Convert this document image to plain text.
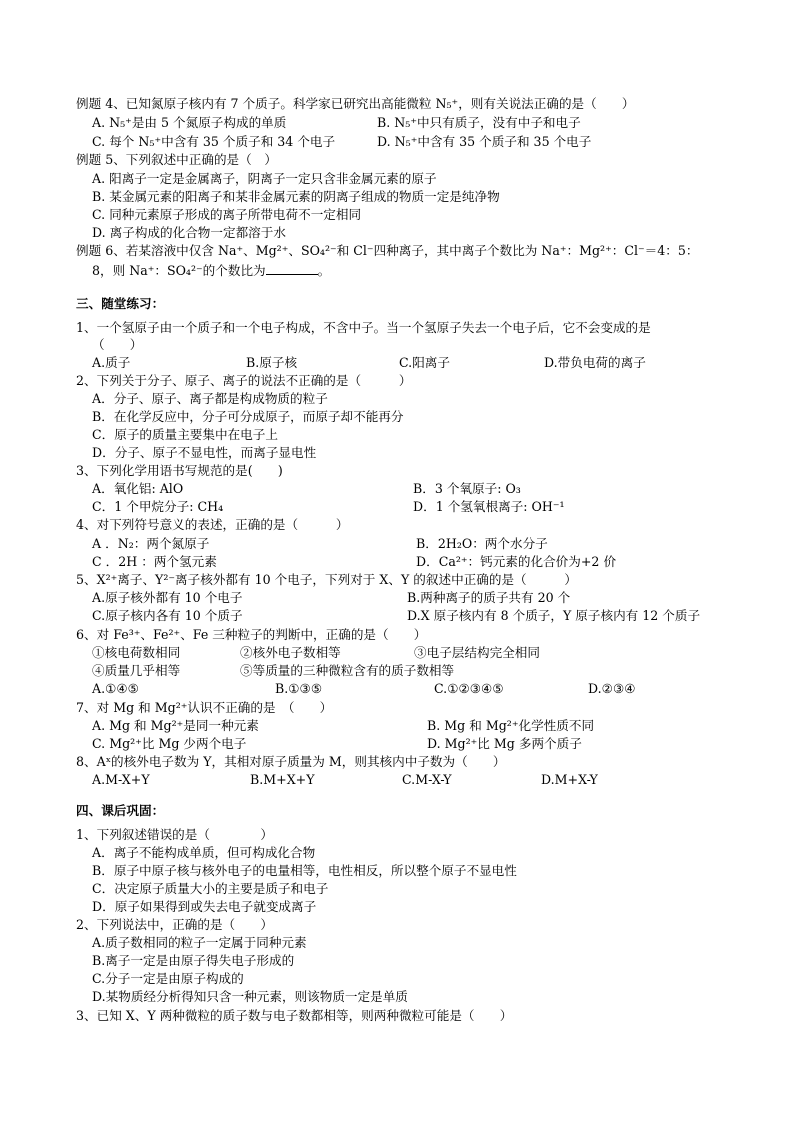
例题 4、已知氮原子核内有 7 个质子。科学家已研究出高能微粒 N₅⁺，则有关说法正确的是（　　）
A. N₅⁺是由 5 个氮原子构成的单质	B. N₅⁺中只有质子，没有中子和电子
C. 每个 N₅⁺中含有 35 个质子和 34 个电子	D. N₅⁺中含有 35 个质子和 35 个电子
例题 5、下列叙述中正确的是（　）
A. 阳离子一定是金属离子，阴离子一定只含非金属元素的原子
B. 某金属元素的阳离子和某非金属元素的阴离子组成的物质一定是纯净物
C. 同种元素原子形成的离子所带电荷不一定相同
D. 离子构成的化合物一定都溶于水
例题 6、若某溶液中仅含 Na⁺、Mg²⁺、SO₄²⁻和 Cl⁻四种离子，其中离子个数比为 Na⁺：Mg²⁺：Cl⁻＝4：5：
8，则 Na⁺：SO₄²⁻的个数比为	。
三、随堂练习：
1、一个氢原子由一个质子和一个电子构成，不含中子。当一个氢原子失去一个电子后，它不会变成的是
（　　）
A.质子	B.原子核	C.阳离子	D.带负电荷的离子
2、下列关于分子、原子、离子的说法不正确的是（　　　）
A．分子、原子、离子都是构成物质的粒子
B．在化学反应中，分子可分成原子，而原子却不能再分
C．原子的质量主要集中在电子上
D．分子、原子不显电性，而离子显电性
3、下列化学用语书写规范的是(　　)
A．氧化铝: AlO	B．3 个氧原子: O₃
C．1 个甲烷分子: CH₄	D．1 个氢氧根离子: OH⁻¹
4、对下列符号意义的表述，正确的是（　　　）
A ．N₂：两个氮原子	B．2H₂O：两个水分子
C ．2H ：两个氢元素	D．Ca²⁺：钙元素的化合价为+2 价
5、X²⁺离子、Y²⁻离子核外都有 10 个电子，下列对于 X、Y 的叙述中正确的是（　　　）
A.原子核外都有 10 个电子	B.两种离子的质子共有 20 个
C.原子核内各有 10 个质子	D.X 原子核内有 8 个质子，Y 原子核内有 12 个质子
6、对 Fe³⁺、Fe²⁺、Fe 三种粒子的判断中，正确的是（　　）
①核电荷数相同	②核外电子数相等	③电子层结构完全相同
④质量几乎相等	⑤等质量的三种微粒含有的质子数相等
A.①④⑤	B.①③⑤	C.①②③④⑤	D.②③④
7、对 Mg 和 Mg²⁺认识不正确的是　（　　）
A. Mg 和 Mg²⁺是同一种元素	B. Mg 和 Mg²⁺化学性质不同
C. Mg²⁺比 Mg 少两个电子	D. Mg²⁺比 Mg 多两个质子
8、Aˣ的核外电子数为 Y，其相对原子质量为 M，则其核内中子数为（　　）
A.M-X+Y	B.M+X+Y	C.M-X-Y	D.M+X-Y
四、课后巩固：
1、下列叙述错误的是（　　　　）
A．离子不能构成单质，但可构成化合物
B．原子中原子核与核外电子的电量相等，电性相反，所以整个原子不显电性
C．决定原子质量大小的主要是质子和电子
D．原子如果得到或失去电子就变成离子
2、下列说法中，正确的是（　　）
A.质子数相同的粒子一定属于同种元素
B.离子一定是由原子得失电子形成的
C.分子一定是由原子构成的
D.某物质经分析得知只含一种元素，则该物质一定是单质
3、已知 X、Y 两种微粒的质子数与电子数都相等，则两种微粒可能是（　　）
